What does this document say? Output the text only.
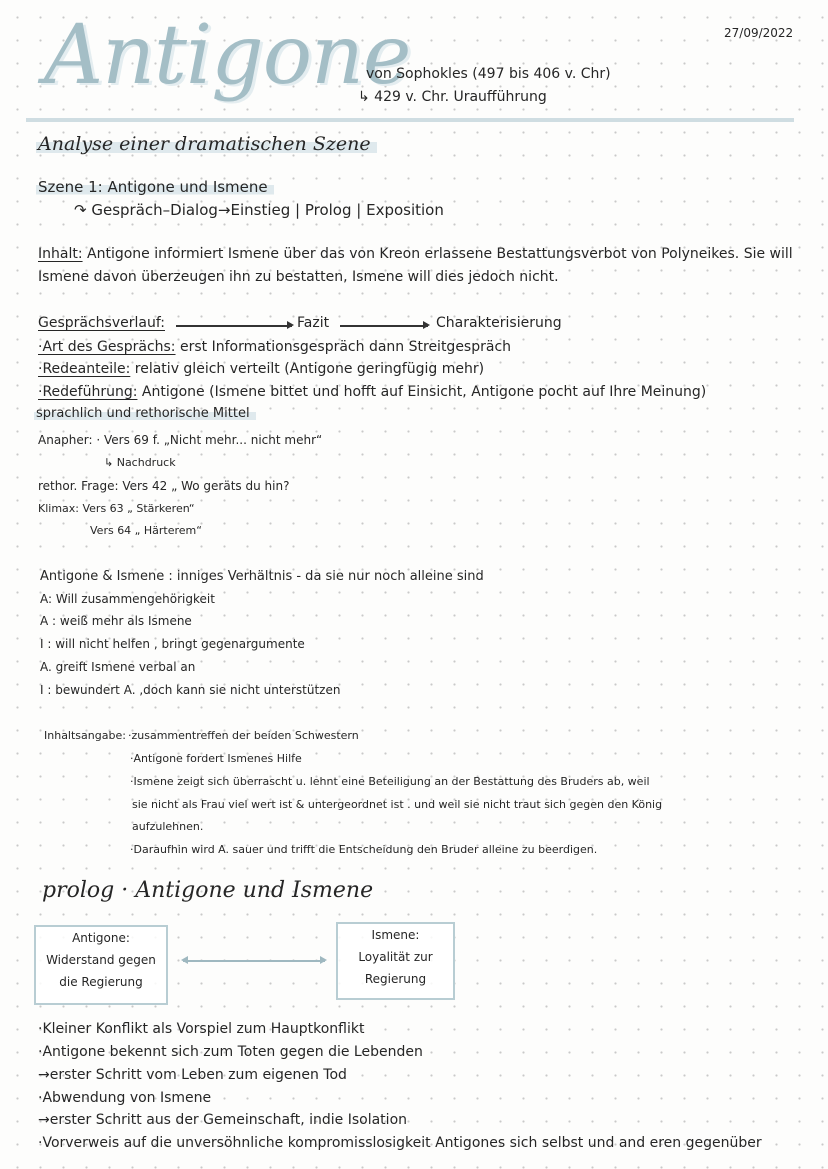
Antigone	27/09/2022
von Sophokles (497 bis 406 v. Chr)
↳ 429 v. Chr. Uraufführung
Analyse einer dramatischen Szene
Szene 1: Antigone und Ismene
↷ Gespräch–Dialog→Einstieg | Prolog | Exposition
Inhalt: Antigone informiert Ismene über das von Kreon erlassene Bestattungsverbot von Polyneikes. Sie will
Ismene davon überzeugen ihn zu bestatten, Ismene will dies jedoch nicht.
Gesprächsverlauf:	Fazit	Charakterisierung
·Art des Gesprächs: erst Informationsgespräch dann Streitgespräch
·Redeanteile: relativ gleich verteilt (Antigone geringfügig mehr)
·Redeführung: Antigone (Ismene bittet und hofft auf Einsicht, Antigone pocht auf Ihre Meinung)
sprachlich und rethorische Mittel
Anapher: · Vers 69 f. „Nicht mehr... nicht mehr“
↳ Nachdruck
rethor. Frage: Vers 42 „ Wo geräts du hin?
Klimax: Vers 63 „ Stärkeren“
Vers 64 „ Härterem“
Antigone & Ismene : inniges Verhältnis - da sie nur noch alleine sind
A: Will zusammengehörigkeit
A : weiß mehr als Ismene
I : will nicht helfen , bringt gegenargumente
A. greift Ismene verbal an
I : bewundert A. ,doch kann sie nicht unterstützen
Inhaltsangabe: ·zusammentreffen der beiden Schwestern
·Antigone fordert Ismenes Hilfe
·Ismene zeigt sich überrascht u. lehnt eine Beteiligung an der Bestattung des Bruders ab, weil
sie nicht als Frau viel wert ist & untergeordnet ist . und weil sie nicht traut sich gegen den König
aufzulehnen.
·Daraufhin wird A. sauer und trifft die Entscheidung den Bruder alleine zu beerdigen.
prolog · Antigone und Ismene
Antigone:
Widerstand gegen
die Regierung
Ismene:
Loyalität zur
Regierung
·Kleiner Konflikt als Vorspiel zum Hauptkonflikt
·Antigone bekennt sich zum Toten gegen die Lebenden
→erster Schritt vom Leben zum eigenen Tod
·Abwendung von Ismene
→erster Schritt aus der Gemeinschaft, indie Isolation
·Vorverweis auf die unversöhnliche kompromisslosigkeit Antigones sich selbst und and eren gegenüber
